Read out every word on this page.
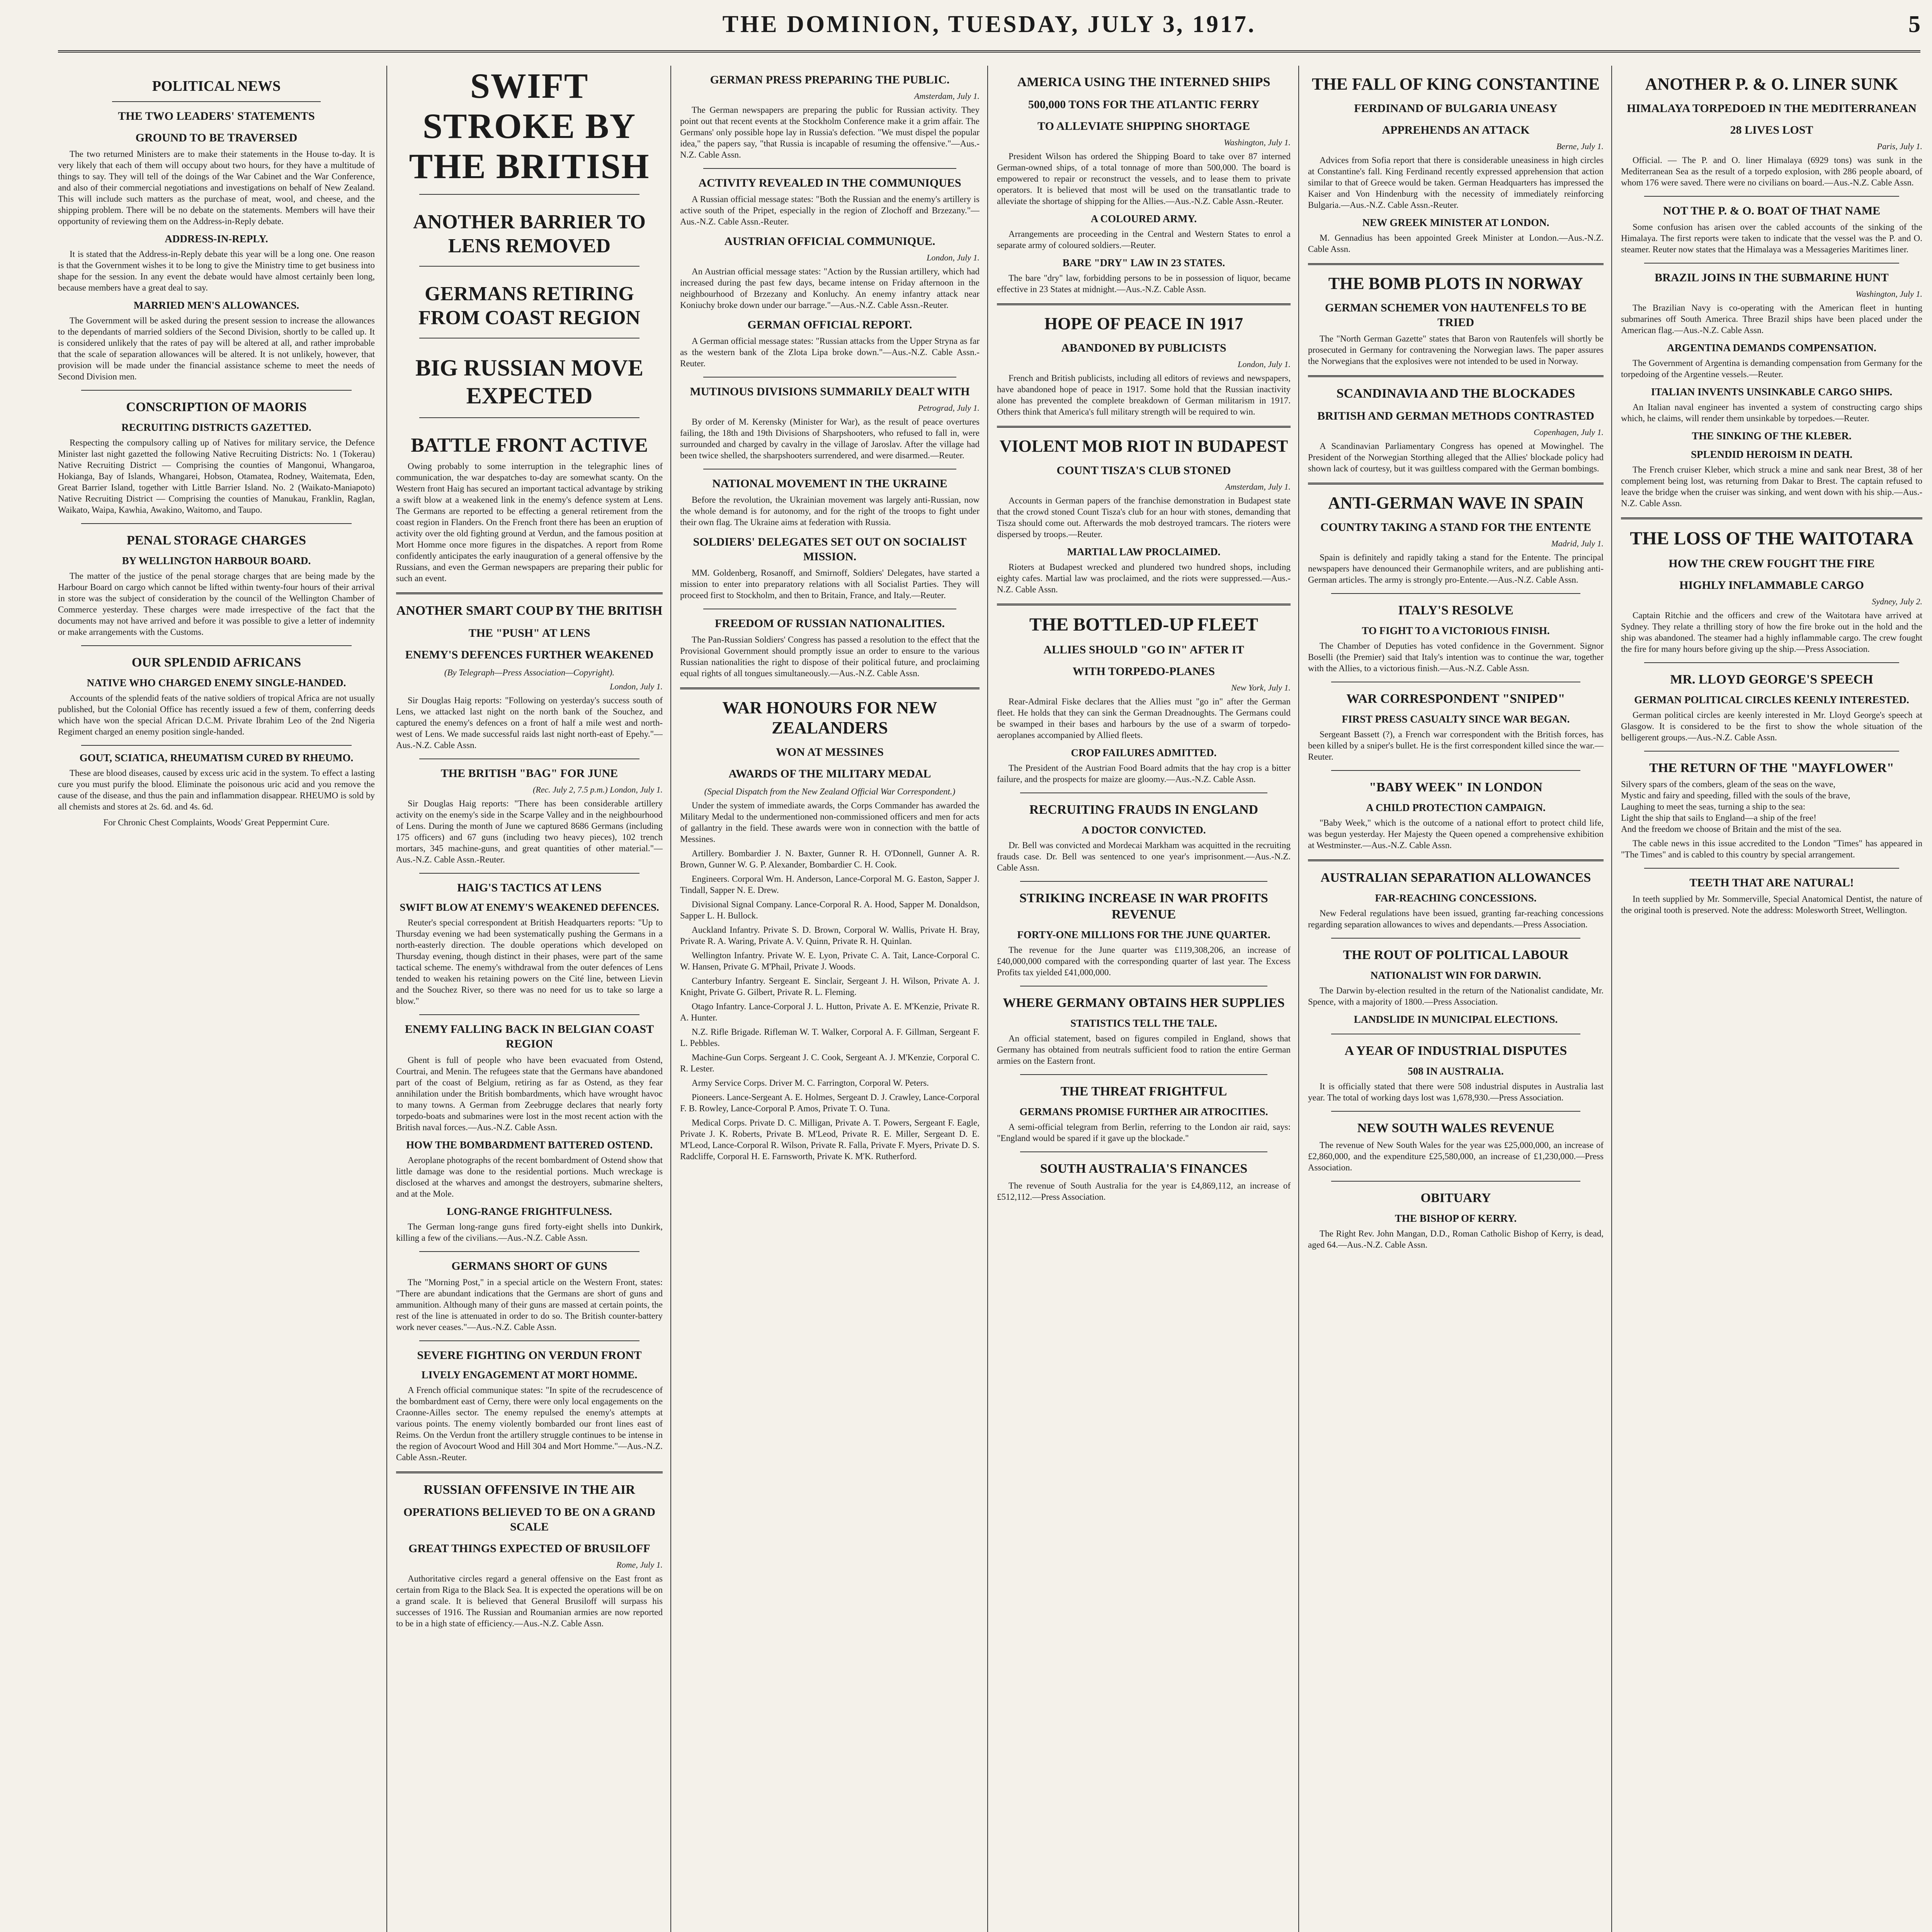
THE DOMINION, TUESDAY, JULY 3, 1917.	5
POLITICAL NEWS
THE TWO LEADERS' STATEMENTS
GROUND TO BE TRAVERSED

The two returned Ministers are to make their statements in the House to-day. It is very likely that each of them will occupy about two hours, for they have a multitude of things to say. They will tell of the doings of the War Cabinet and the War Conference, and also of their commercial negotiations and investigations on behalf of New Zealand. This will include such matters as the purchase of meat, wool, and cheese, and the shipping problem. There will be no debate on the statements. Members will have their opportunity of reviewing them on the Address-in-Reply debate.

ADDRESS-IN-REPLY.

It is stated that the Address-in-Reply debate this year will be a long one. One reason is that the Government wishes it to be long to give the Ministry time to get business into shape for the session. In any event the debate would have almost certainly been long, because members have a great deal to say.

MARRIED MEN'S ALLOWANCES.

The Government will be asked during the present session to increase the allowances to the dependants of married soldiers of the Second Division, shortly to be called up. It is considered unlikely that the rates of pay will be altered at all, and rather improbable that the scale of separation allowances will be altered. It is not unlikely, however, that provision will be made under the financial assistance scheme to meet the needs of Second Division men.

CONSCRIPTION OF MAORIS
RECRUITING DISTRICTS GAZETTED.

Respecting the compulsory calling up of Natives for military service, the Defence Minister last night gazetted the following Native Recruiting Districts: No. 1 (Tokerau) Native Recruiting District — Comprising the counties of Mangonui, Whangaroa, Hokianga, Bay of Islands, Whangarei, Hobson, Otamatea, Rodney, Waitemata, Eden, Great Barrier Island, together with Little Barrier Island. No. 2 (Waikato-Maniapoto) Native Recruiting District — Comprising the counties of Manukau, Franklin, Raglan, Waikato, Waipa, Kawhia, Awakino, Waitomo, and Taupo.

PENAL STORAGE CHARGES
BY WELLINGTON HARBOUR BOARD.

The matter of the justice of the penal storage charges that are being made by the Harbour Board on cargo which cannot be lifted within twenty-four hours of their arrival in store was the subject of consideration by the council of the Wellington Chamber of Commerce yesterday. These charges were made irrespective of the fact that the documents may not have arrived and before it was possible to give a letter of indemnity or make arrangements with the Customs.

OUR SPLENDID AFRICANS
NATIVE WHO CHARGED ENEMY SINGLE-HANDED.

Accounts of the splendid feats of the native soldiers of tropical Africa are not usually published, but the Colonial Office has recently issued a few of them, conferring deeds which have won the special African D.C.M. Private Ibrahim Leo of the 2nd Nigeria Regiment charged an enemy position single-handed.

GOUT, SCIATICA, RHEUMATISM CURED BY RHEUMO.

These are blood diseases, caused by excess uric acid in the system. To effect a lasting cure you must purify the blood. Eliminate the poisonous uric acid and you remove the cause of the disease, and thus the pain and inflammation disappear. RHEUMO is sold by all chemists and stores at 2s. 6d. and 4s. 6d.

For Chronic Chest Complaints, Woods' Great Peppermint Cure.
SWIFT STROKE BY THE BRITISH
ANOTHER BARRIER TO LENS REMOVED
GERMANS RETIRING FROM COAST REGION
BIG RUSSIAN MOVE EXPECTED
BATTLE FRONT ACTIVE

Owing probably to some interruption in the telegraphic lines of communication, the war despatches to-day are somewhat scanty. On the Western front Haig has secured an important tactical advantage by striking a swift blow at a weakened link in the enemy's defence system at Lens. The Germans are reported to be effecting a general retirement from the coast region in Flanders. On the French front there has been an eruption of activity over the old fighting ground at Verdun, and the famous position at Mort Homme once more figures in the dispatches. A report from Rome confidently anticipates the early inauguration of a general offensive by the Russians, and even the German newspapers are preparing their public for such an event.

ANOTHER SMART COUP BY THE BRITISH
THE "PUSH" AT LENS
ENEMY'S DEFENCES FURTHER WEAKENED
(By Telegraph—Press Association—Copyright).
London, July 1.

Sir Douglas Haig reports: "Following on yesterday's success south of Lens, we attacked last night on the north bank of the Souchez, and captured the enemy's defences on a front of half a mile west and north-west of Lens. We made successful raids last night north-east of Epehy."—Aus.-N.Z. Cable Assn.

THE BRITISH "BAG" FOR JUNE
(Rec. July 2, 7.5 p.m.) London, July 1.

Sir Douglas Haig reports: "There has been considerable artillery activity on the enemy's side in the Scarpe Valley and in the neighbourhood of Lens. During the month of June we captured 8686 Germans (including 175 officers) and 67 guns (including two heavy pieces), 102 trench mortars, 345 machine-guns, and great quantities of other material."—Aus.-N.Z. Cable Assn.-Reuter.

HAIG'S TACTICS AT LENS
SWIFT BLOW AT ENEMY'S WEAKENED DEFENCES.

Reuter's special correspondent at British Headquarters reports: "Up to Thursday evening we had been systematically pushing the Germans in a north-easterly direction. The double operations which developed on Thursday evening, though distinct in their phases, were part of the same tactical scheme. The enemy's withdrawal from the outer defences of Lens tended to weaken his retaining powers on the Cité line, between Lievin and the Souchez River, so there was no need for us to take so large a blow."

ENEMY FALLING BACK IN BELGIAN COAST REGION

Ghent is full of people who have been evacuated from Ostend, Courtrai, and Menin. The refugees state that the Germans have abandoned part of the coast of Belgium, retiring as far as Ostend, as they fear annihilation under the British bombardments, which have wrought havoc to many towns. A German from Zeebrugge declares that nearly forty torpedo-boats and submarines were lost in the most recent action with the British naval forces.—Aus.-N.Z. Cable Assn.

HOW THE BOMBARDMENT BATTERED OSTEND.

Aeroplane photographs of the recent bombardment of Ostend show that little damage was done to the residential portions. Much wreckage is disclosed at the wharves and amongst the destroyers, submarine shelters, and at the Mole.

LONG-RANGE FRIGHTFULNESS.

The German long-range guns fired forty-eight shells into Dunkirk, killing a few of the civilians.—Aus.-N.Z. Cable Assn.

GERMANS SHORT OF GUNS

The "Morning Post," in a special article on the Western Front, states: "There are abundant indications that the Germans are short of guns and ammunition. Although many of their guns are massed at certain points, the rest of the line is attenuated in order to do so. The British counter-battery work never ceases."—Aus.-N.Z. Cable Assn.

SEVERE FIGHTING ON VERDUN FRONT
LIVELY ENGAGEMENT AT MORT HOMME.

A French official communique states: "In spite of the recrudescence of the bombardment east of Cerny, there were only local engagements on the Craonne-Ailles sector. The enemy repulsed the enemy's attempts at various points. The enemy violently bombarded our front lines east of Reims. On the Verdun front the artillery struggle continues to be intense in the region of Avocourt Wood and Hill 304 and Mort Homme."—Aus.-N.Z. Cable Assn.-Reuter.

RUSSIAN OFFENSIVE IN THE AIR
OPERATIONS BELIEVED TO BE ON A GRAND SCALE
GREAT THINGS EXPECTED OF BRUSILOFF
Rome, July 1.

Authoritative circles regard a general offensive on the East front as certain from Riga to the Black Sea. It is expected the operations will be on a grand scale. It is believed that General Brusiloff will surpass his successes of 1916. The Russian and Roumanian armies are now reported to be in a high state of efficiency.—Aus.-N.Z. Cable Assn.

GERMAN PRESS PREPARING THE PUBLIC.
Amsterdam, July 1.

The German newspapers are preparing the public for Russian activity. They point out that recent events at the Stockholm Conference make it a grim affair. The Germans' only possible hope lay in Russia's defection. "We must dispel the popular idea," the papers say, "that Russia is incapable of resuming the offensive."—Aus.-N.Z. Cable Assn.

ACTIVITY REVEALED IN THE COMMUNIQUES

A Russian official message states: "Both the Russian and the enemy's artillery is active south of the Pripet, especially in the region of Zlochoff and Brzezany."—Aus.-N.Z. Cable Assn.-Reuter.

AUSTRIAN OFFICIAL COMMUNIQUE.
London, July 1.

An Austrian official message states: "Action by the Russian artillery, which had increased during the past few days, became intense on Friday afternoon in the neighbourhood of Brzezany and Konluchy. An enemy infantry attack near Koniuchy broke down under our barrage."—Aus.-N.Z. Cable Assn.-Reuter.

GERMAN OFFICIAL REPORT.

A German official message states: "Russian attacks from the Upper Stryna as far as the western bank of the Zlota Lipa broke down."—Aus.-N.Z. Cable Assn.-Reuter.

MUTINOUS DIVISIONS SUMMARILY DEALT WITH
Petrograd, July 1.

By order of M. Kerensky (Minister for War), as the result of peace overtures failing, the 18th and 19th Divisions of Sharpshooters, who refused to fall in, were surrounded and charged by cavalry in the village of Jaroslav. After the village had been twice shelled, the sharpshooters surrendered, and were disarmed.—Reuter.

NATIONAL MOVEMENT IN THE UKRAINE

Before the revolution, the Ukrainian movement was largely anti-Russian, now the whole demand is for autonomy, and for the right of the troops to fight under their own flag. The Ukraine aims at federation with Russia.

SOLDIERS' DELEGATES SET OUT ON SOCIALIST MISSION.

MM. Goldenberg, Rosanoff, and Smirnoff, Soldiers' Delegates, have started a mission to enter into preparatory relations with all Socialist Parties. They will proceed first to Stockholm, and then to Britain, France, and Italy.—Reuter.

FREEDOM OF RUSSIAN NATIONALITIES.

The Pan-Russian Soldiers' Congress has passed a resolution to the effect that the Provisional Government should promptly issue an order to ensure to the various Russian nationalities the right to dispose of their political future, and proclaiming equal rights of all tongues simultaneously.—Aus.-N.Z. Cable Assn.

WAR HONOURS FOR NEW ZEALANDERS
WON AT MESSINES
AWARDS OF THE MILITARY MEDAL
(Special Dispatch from the New Zealand Official War Correspondent.)

Under the system of immediate awards, the Corps Commander has awarded the Military Medal to the undermentioned non-commissioned officers and men for acts of gallantry in the field. These awards were won in connection with the battle of Messines.

Artillery. Bombardier J. N. Baxter, Gunner R. H. O'Donnell, Gunner A. R. Brown, Gunner W. G. P. Alexander, Bombardier C. H. Cook.

Engineers. Corporal Wm. H. Anderson, Lance-Corporal M. G. Easton, Sapper J. Tindall, Sapper N. E. Drew.

Divisional Signal Company. Lance-Corporal R. A. Hood, Sapper M. Donaldson, Sapper L. H. Bullock.

Auckland Infantry. Private S. D. Brown, Corporal W. Wallis, Private H. Bray, Private R. A. Waring, Private A. V. Quinn, Private R. H. Quinlan.

Wellington Infantry. Private W. E. Lyon, Private C. A. Tait, Lance-Corporal C. W. Hansen, Private G. M'Phail, Private J. Woods.

Canterbury Infantry. Sergeant E. Sinclair, Sergeant J. H. Wilson, Private A. J. Knight, Private G. Gilbert, Private R. L. Fleming.

Otago Infantry. Lance-Corporal J. L. Hutton, Private A. E. M'Kenzie, Private R. A. Hunter.

N.Z. Rifle Brigade. Rifleman W. T. Walker, Corporal A. F. Gillman, Sergeant F. L. Pebbles.

Machine-Gun Corps. Sergeant J. C. Cook, Sergeant A. J. M'Kenzie, Corporal C. R. Lester.

Army Service Corps. Driver M. C. Farrington, Corporal W. Peters.

Pioneers. Lance-Sergeant A. E. Holmes, Sergeant D. J. Crawley, Lance-Corporal F. B. Rowley, Lance-Corporal P. Amos, Private T. O. Tuna.

Medical Corps. Private D. C. Milligan, Private A. T. Powers, Sergeant F. Eagle, Private J. K. Roberts, Private B. M'Leod, Private R. E. Miller, Sergeant D. E. M'Leod, Lance-Corporal R. Wilson, Private R. Falla, Private F. Myers, Private D. S. Radcliffe, Corporal H. E. Farnsworth, Private K. M'K. Rutherford.

AMERICA USING THE INTERNED SHIPS
500,000 TONS FOR THE ATLANTIC FERRY
TO ALLEVIATE SHIPPING SHORTAGE
Washington, July 1.

President Wilson has ordered the Shipping Board to take over 87 interned German-owned ships, of a total tonnage of more than 500,000. The board is empowered to repair or reconstruct the vessels, and to lease them to private operators. It is believed that most will be used on the transatlantic trade to alleviate the shortage of shipping for the Allies.—Aus.-N.Z. Cable Assn.-Reuter.

A COLOURED ARMY.

Arrangements are proceeding in the Central and Western States to enrol a separate army of coloured soldiers.—Reuter.

BARE "DRY" LAW IN 23 STATES.

The bare "dry" law, forbidding persons to be in possession of liquor, became effective in 23 States at midnight.—Aus.-N.Z. Cable Assn.

HOPE OF PEACE IN 1917
ABANDONED BY PUBLICISTS
London, July 1.

French and British publicists, including all editors of reviews and newspapers, have abandoned hope of peace in 1917. Some hold that the Russian inactivity alone has prevented the complete breakdown of German militarism in 1917. Others think that America's full military strength will be required to win.

VIOLENT MOB RIOT IN BUDAPEST
COUNT TISZA'S CLUB STONED
Amsterdam, July 1.

Accounts in German papers of the franchise demonstration in Budapest state that the crowd stoned Count Tisza's club for an hour with stones, demanding that Tisza should come out. Afterwards the mob destroyed tramcars. The rioters were dispersed by troops.—Reuter.

MARTIAL LAW PROCLAIMED.

Rioters at Budapest wrecked and plundered two hundred shops, including eighty cafes. Martial law was proclaimed, and the riots were suppressed.—Aus.-N.Z. Cable Assn.

THE BOTTLED-UP FLEET
ALLIES SHOULD "GO IN" AFTER IT
WITH TORPEDO-PLANES
New York, July 1.

Rear-Admiral Fiske declares that the Allies must "go in" after the German fleet. He holds that they can sink the German Dreadnoughts. The Germans could be swamped in their bases and harbours by the use of a swarm of torpedo-aeroplanes accompanied by Allied fleets.

CROP FAILURES ADMITTED.

The President of the Austrian Food Board admits that the hay crop is a bitter failure, and the prospects for maize are gloomy.—Aus.-N.Z. Cable Assn.

RECRUITING FRAUDS IN ENGLAND
A DOCTOR CONVICTED.

Dr. Bell was convicted and Mordecai Markham was acquitted in the recruiting frauds case. Dr. Bell was sentenced to one year's imprisonment.—Aus.-N.Z. Cable Assn.

STRIKING INCREASE IN WAR PROFITS REVENUE
FORTY-ONE MILLIONS FOR THE JUNE QUARTER.

The revenue for the June quarter was £119,308,206, an increase of £40,000,000 compared with the corresponding quarter of last year. The Excess Profits tax yielded £41,000,000.

WHERE GERMANY OBTAINS HER SUPPLIES
STATISTICS TELL THE TALE.

An official statement, based on figures compiled in England, shows that Germany has obtained from neutrals sufficient food to ration the entire German armies on the Eastern front.

THE THREAT FRIGHTFUL
GERMANS PROMISE FURTHER AIR ATROCITIES.

A semi-official telegram from Berlin, referring to the London air raid, says: "England would be spared if it gave up the blockade."

SOUTH AUSTRALIA'S FINANCES

The revenue of South Australia for the year is £4,869,112, an increase of £512,112.—Press Association.

THE FALL OF KING CONSTANTINE
FERDINAND OF BULGARIA UNEASY
APPREHENDS AN ATTACK
Berne, July 1.

Advices from Sofia report that there is considerable uneasiness in high circles at Constantine's fall. King Ferdinand recently expressed apprehension that action similar to that of Greece would be taken. German Headquarters has impressed the Kaiser and Von Hindenburg with the necessity of immediately reinforcing Bulgaria.—Aus.-N.Z. Cable Assn.-Reuter.

NEW GREEK MINISTER AT LONDON.

M. Gennadius has been appointed Greek Minister at London.—Aus.-N.Z. Cable Assn.

THE BOMB PLOTS IN NORWAY
GERMAN SCHEMER VON HAUTENFELS TO BE TRIED

The "North German Gazette" states that Baron von Rautenfels will shortly be prosecuted in Germany for contravening the Norwegian laws. The paper assures the Norwegians that the explosives were not intended to be used in Norway.

SCANDINAVIA AND THE BLOCKADES
BRITISH AND GERMAN METHODS CONTRASTED
Copenhagen, July 1.

A Scandinavian Parliamentary Congress has opened at Mowinghel. The President of the Norwegian Storthing alleged that the Allies' blockade policy had shown lack of courtesy, but it was guiltless compared with the German bombings.

ANTI-GERMAN WAVE IN SPAIN
COUNTRY TAKING A STAND FOR THE ENTENTE
Madrid, July 1.

Spain is definitely and rapidly taking a stand for the Entente. The principal newspapers have denounced their Germanophile writers, and are publishing anti-German articles. The army is strongly pro-Entente.—Aus.-N.Z. Cable Assn.

ITALY'S RESOLVE
TO FIGHT TO A VICTORIOUS FINISH.

The Chamber of Deputies has voted confidence in the Government. Signor Boselli (the Premier) said that Italy's intention was to continue the war, together with the Allies, to a victorious finish.—Aus.-N.Z. Cable Assn.

WAR CORRESPONDENT "SNIPED"
FIRST PRESS CASUALTY SINCE WAR BEGAN.

Sergeant Bassett (?), a French war correspondent with the British forces, has been killed by a sniper's bullet. He is the first correspondent killed since the war.—Reuter.

"BABY WEEK" IN LONDON
A CHILD PROTECTION CAMPAIGN.

"Baby Week," which is the outcome of a national effort to protect child life, was begun yesterday. Her Majesty the Queen opened a comprehensive exhibition at Westminster.—Aus.-N.Z. Cable Assn.

AUSTRALIAN SEPARATION ALLOWANCES
FAR-REACHING CONCESSIONS.

New Federal regulations have been issued, granting far-reaching concessions regarding separation allowances to wives and dependants.—Press Association.

THE ROUT OF POLITICAL LABOUR
NATIONALIST WIN FOR DARWIN.

The Darwin by-election resulted in the return of the Nationalist candidate, Mr. Spence, with a majority of 1800.—Press Association.

LANDSLIDE IN MUNICIPAL ELECTIONS.
A YEAR OF INDUSTRIAL DISPUTES
508 IN AUSTRALIA.

It is officially stated that there were 508 industrial disputes in Australia last year. The total of working days lost was 1,678,930.—Press Association.

NEW SOUTH WALES REVENUE

The revenue of New South Wales for the year was £25,000,000, an increase of £2,860,000, and the expenditure £25,580,000, an increase of £1,230,000.—Press Association.

OBITUARY
THE BISHOP OF KERRY.

The Right Rev. John Mangan, D.D., Roman Catholic Bishop of Kerry, is dead, aged 64.—Aus.-N.Z. Cable Assn.

ANOTHER P. & O. LINER SUNK
HIMALAYA TORPEDOED IN THE MEDITERRANEAN
28 LIVES LOST
Paris, July 1.

Official. — The P. and O. liner Himalaya (6929 tons) was sunk in the Mediterranean Sea as the result of a torpedo explosion, with 286 people aboard, of whom 176 were saved. There were no civilians on board.—Aus.-N.Z. Cable Assn.

NOT THE P. & O. BOAT OF THAT NAME

Some confusion has arisen over the cabled accounts of the sinking of the Himalaya. The first reports were taken to indicate that the vessel was the P. and O. steamer. Reuter now states that the Himalaya was a Messageries Maritimes liner.

BRAZIL JOINS IN THE SUBMARINE HUNT
Washington, July 1.

The Brazilian Navy is co-operating with the American fleet in hunting submarines off South America. Three Brazil ships have been placed under the American flag.—Aus.-N.Z. Cable Assn.

ARGENTINA DEMANDS COMPENSATION.

The Government of Argentina is demanding compensation from Germany for the torpedoing of the Argentine vessels.—Reuter.

ITALIAN INVENTS UNSINKABLE CARGO SHIPS.

An Italian naval engineer has invented a system of constructing cargo ships which, he claims, will render them unsinkable by torpedoes.—Reuter.

THE SINKING OF THE KLEBER.
SPLENDID HEROISM IN DEATH.

The French cruiser Kleber, which struck a mine and sank near Brest, 38 of her complement being lost, was returning from Dakar to Brest. The captain refused to leave the bridge when the cruiser was sinking, and went down with his ship.—Aus.-N.Z. Cable Assn.

THE LOSS OF THE WAITOTARA
HOW THE CREW FOUGHT THE FIRE
HIGHLY INFLAMMABLE CARGO
Sydney, July 2.

Captain Ritchie and the officers and crew of the Waitotara have arrived at Sydney. They relate a thrilling story of how the fire broke out in the hold and the ship was abandoned. The steamer had a highly inflammable cargo. The crew fought the fire for many hours before giving up the ship.—Press Association.

MR. LLOYD GEORGE'S SPEECH
GERMAN POLITICAL CIRCLES KEENLY INTERESTED.

German political circles are keenly interested in Mr. Lloyd George's speech at Glasgow. It is considered to be the first to show the whole situation of the belligerent groups.—Aus.-N.Z. Cable Assn.

THE RETURN OF THE "MAYFLOWER"
Silvery spars of the combers, gleam of the seas on the wave,
Mystic and fairy and speeding, filled with the souls of the brave,
Laughing to meet the seas, turning a ship to the sea:
Light the ship that sails to England—a ship of the free!
And the freedom we choose of Britain and the mist of the sea.

The cable news in this issue accredited to the London "Times" has appeared in "The Times" and is cabled to this country by special arrangement.

TEETH THAT ARE NATURAL!

In teeth supplied by Mr. Sommerville, Special Anatomical Dentist, the nature of the original tooth is preserved. Note the address: Molesworth Street, Wellington.
